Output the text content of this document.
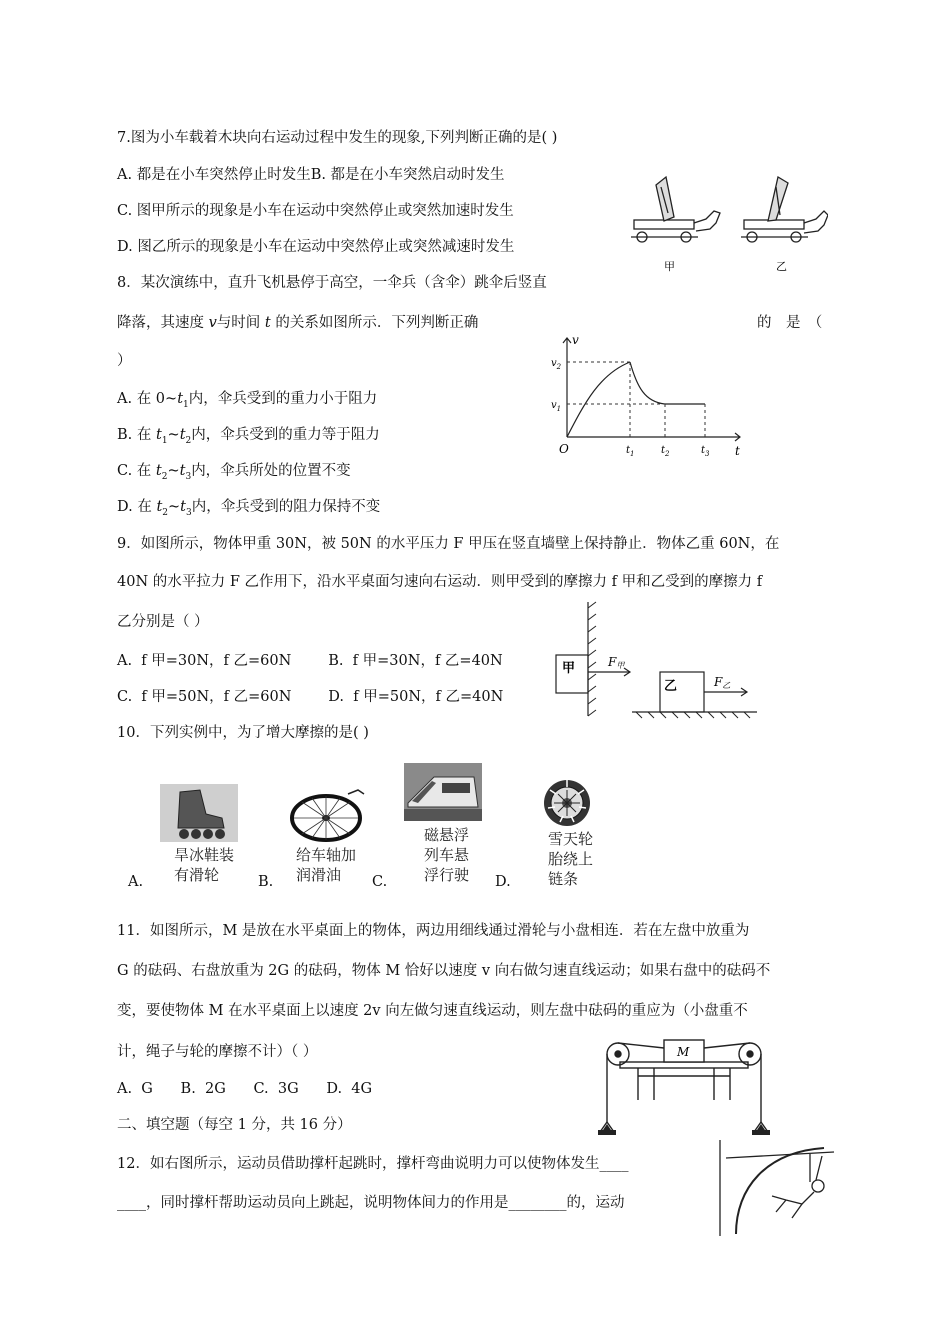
7.图为小车载着木块向右运动过程中发生的现象,下列判断正确的是( )
A. 都是在小车突然停止时发生B. 都是在小车突然启动时发生
C. 图甲所示的现象是小车在运动中突然停止或突然加速时发生
D. 图乙所示的现象是小车在运动中突然停止或突然减速时发生
甲	乙
8．某次演练中，直升飞机悬停于高空，一伞兵（含伞）跳伞后竖直
降落，其速度 v与时间 t 的关系如图所示．下列判断正确	的　是　（
）
A. 在 $0\sim t_1$内，伞兵受到的重力小于阻力
B. 在 $t_1\sim t_2$内，伞兵受到的重力等于阻力
C. 在 $t_2\sim t_3$内，伞兵所处的位置不变
D. 在 $t_2\sim t_3$内，伞兵受到的阻力保持不变
v
t
O
$v_2$
$v_1$
$t_1$	$t_2$	$t_3$
9．如图所示，物体甲重 30N，被 50N 的水平压力 F 甲压在竖直墙壁上保持静止．物体乙重 60N，在
40N 的水平拉力 F 乙作用下，沿水平桌面匀速向右运动．则甲受到的摩擦力 f 甲和乙受到的摩擦力 f
乙分别是（ ）
A.  f 甲=30N，f 乙=60N        B.  f 甲=30N，f 乙=40N
C.  f 甲=50N，f 乙=60N        D.  f 甲=50N，f 乙=40N
甲
乙
F甲
F乙
10．下列实例中，为了增大摩擦的是( )
A.
旱冰鞋装
有滑轮	B.
给车轴加
润滑油 C.
磁悬浮
列车悬
浮行驶 D.
雪天轮
胎绕上
链条
11．如图所示，M 是放在水平桌面上的物体，两边用细线通过滑轮与小盘相连．若在左盘中放重为
G 的砝码、右盘放重为 2G 的砝码，物体 M 恰好以速度 v 向右做匀速直线运动；如果右盘中的砝码不
变，要使物体 M 在水平桌面上以速度 2v 向左做匀速直线运动，则左盘中砝码的重应为（小盘重不
计，绳子与轮的摩擦不计）（ ）
A.  G      B.  2G      C.  3G      D.  4G
M
二、填空题（每空 1 分，共 16 分）
12．如右图所示，运动员借助撑杆起跳时，撑杆弯曲说明力可以使物体发生____
____，同时撑杆帮助运动员向上跳起，说明物体间力的作用是________的，运动
